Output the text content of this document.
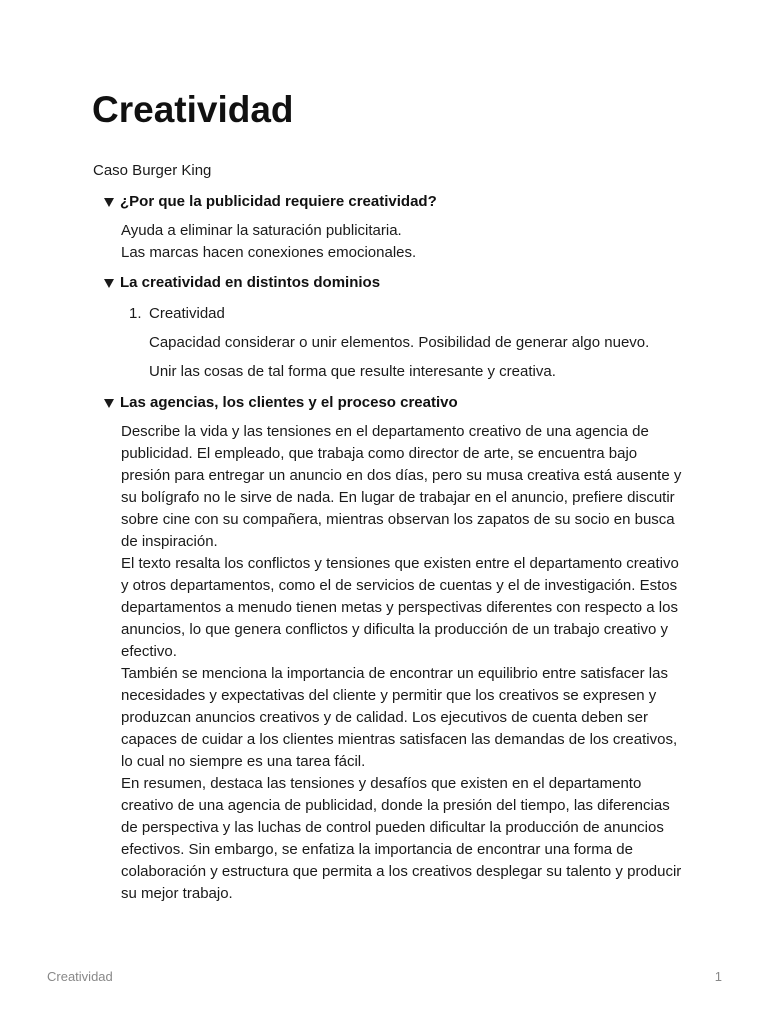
Creatividad
Caso Burger King
¿Por que la publicidad requiere creatividad?

Ayuda a eliminar la saturación publicitaria.

Las marcas hacen conexiones emocionales.

La creatividad en distintos dominios
1. Creatividad

Capacidad considerar o unir elementos. Posibilidad de generar algo nuevo.

Unir las cosas de tal forma que resulte interesante y creativa.

Las agencias, los clientes y el proceso creativo

Describe la vida y las tensiones en el departamento creativo de una agencia de publicidad. El empleado, que trabaja como director de arte, se encuentra bajo presión para entregar un anuncio en dos días, pero su musa creativa está ausente y su bolígrafo no le sirve de nada. En lugar de trabajar en el anuncio, prefiere discutir sobre cine con su compañera, mientras observan los zapatos de su socio en busca de inspiración.

El texto resalta los conflictos y tensiones que existen entre el departamento creativo y otros departamentos, como el de servicios de cuentas y el de investigación. Estos departamentos a menudo tienen metas y perspectivas diferentes con respecto a los anuncios, lo que genera conflictos y dificulta la producción de un trabajo creativo y efectivo.

También se menciona la importancia de encontrar un equilibrio entre satisfacer las necesidades y expectativas del cliente y permitir que los creativos se expresen y produzcan anuncios creativos y de calidad. Los ejecutivos de cuenta deben ser capaces de cuidar a los clientes mientras satisfacen las demandas de los creativos, lo cual no siempre es una tarea fácil.

En resumen, destaca las tensiones y desafíos que existen en el departamento creativo de una agencia de publicidad, donde la presión del tiempo, las diferencias de perspectiva y las luchas de control pueden dificultar la producción de anuncios efectivos. Sin embargo, se enfatiza la importancia de encontrar una forma de colaboración y estructura que permita a los creativos desplegar su talento y producir su mejor trabajo.

Creatividad	1
